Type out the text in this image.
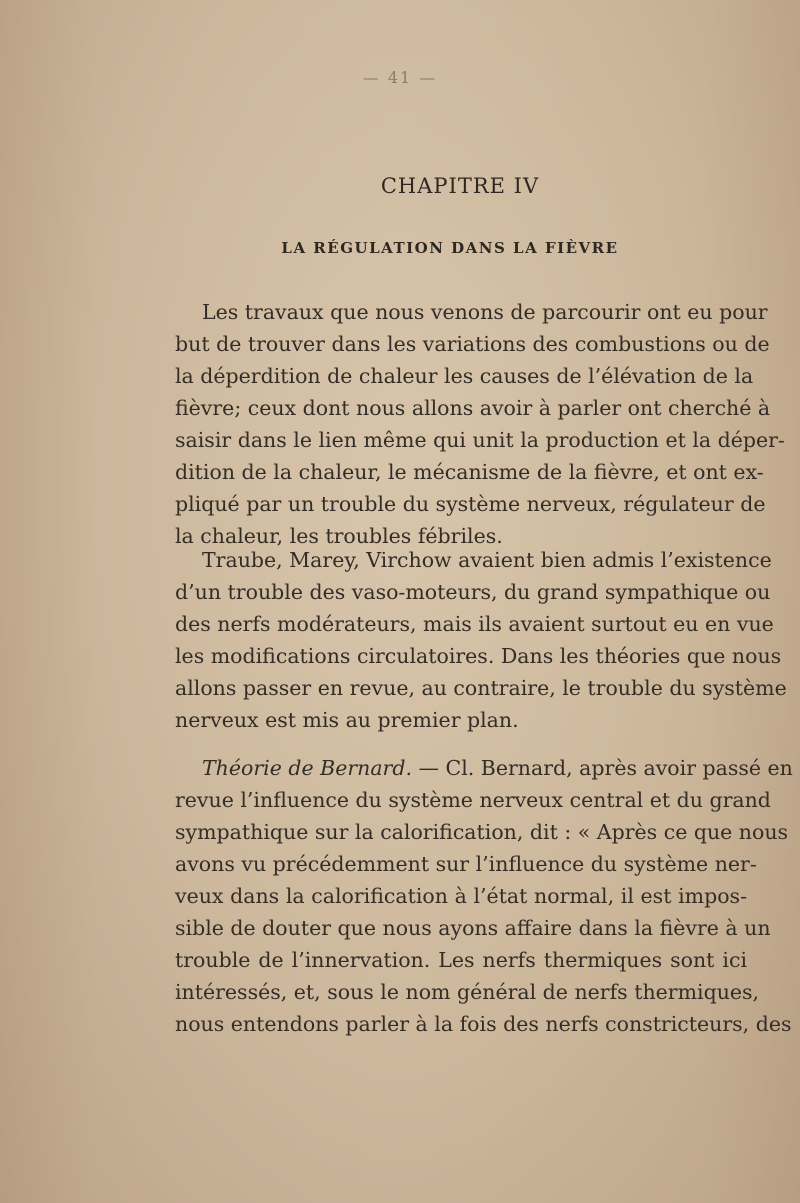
— 41 —
CHAPITRE IV
LA RÉGULATION DANS LA FIÈVRE
Les travaux que nous venons de parcourir ont eu pour
but de trouver dans les variations des combustions ou de
la déperdition de chaleur les causes de l’élévation de la
fièvre; ceux dont nous allons avoir à parler ont cherché à
saisir dans le lien même qui unit la production et la déper-
dition de la chaleur, le mécanisme de la fièvre, et ont ex-
pliqué par un trouble du système nerveux, régulateur de
la chaleur, les troubles fébriles.
Traube, Marey, Virchow avaient bien admis l’existence
d’un trouble des vaso-moteurs, du grand sympathique ou
des nerfs modérateurs, mais ils avaient surtout eu en vue
les modifications circulatoires. Dans les théories que nous
allons passer en revue, au contraire, le trouble du système
nerveux est mis au premier plan.
Théorie de Bernard. — Cl. Bernard, après avoir passé en
revue l’influence du système nerveux central et du grand
sympathique sur la calorification, dit : « Après ce que nous
avons vu précédemment sur l’influence du système ner-
veux dans la calorification à l’état normal, il est impos-
sible de douter que nous ayons affaire dans la fièvre à un
trouble de l’innervation. Les nerfs thermiques sont ici
intéressés, et, sous le nom général de nerfs thermiques,
nous entendons parler à la fois des nerfs constricteurs, des
